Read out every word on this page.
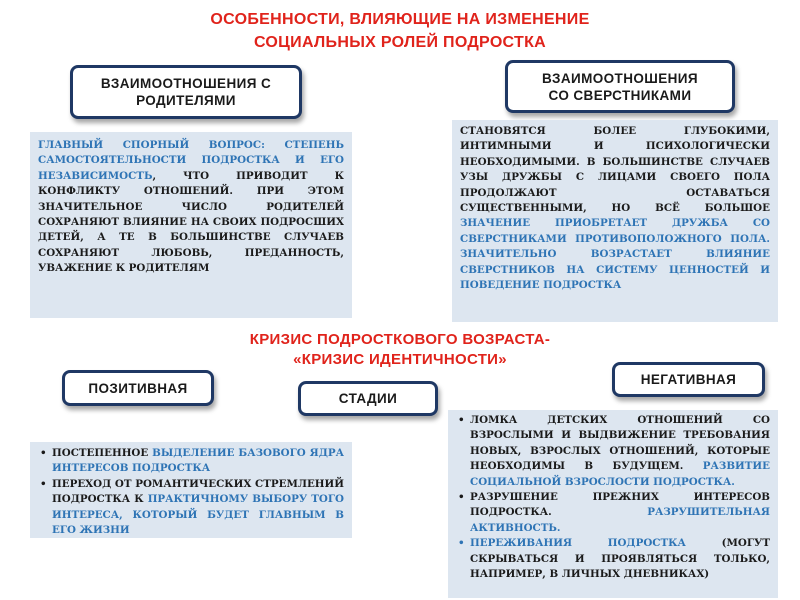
ОСОБЕННОСТИ, ВЛИЯЮЩИЕ НА ИЗМЕНЕНИЕ
СОЦИАЛЬНЫХ РОЛЕЙ ПОДРОСТКА
ВЗАИМООТНОШЕНИЯ С
РОДИТЕЛЯМИ
ВЗАИМООТНОШЕНИЯ
СО СВЕРСТНИКАМИ
ГЛАВНЫЙ СПОРНЫЙ ВОПРОС: СТЕПЕНЬ САМОСТОЯТЕЛЬНОСТИ ПОДРОСТКА И ЕГО НЕЗАВИСИМОСТЬ, ЧТО ПРИВОДИТ К КОНФЛИКТУ ОТНОШЕНИЙ. ПРИ ЭТОМ ЗНАЧИТЕЛЬНОЕ ЧИСЛО РОДИТЕЛЕЙ СОХРАНЯЮТ ВЛИЯНИЕ НА СВОИХ ПОДРОСШИХ ДЕТЕЙ, А ТЕ В БОЛЬШИНСТВЕ СЛУЧАЕВ СОХРАНЯЮТ ЛЮБОВЬ, ПРЕДАННОСТЬ, УВАЖЕНИЕ К РОДИТЕЛЯМ
СТАНОВЯТСЯ БОЛЕЕ ГЛУБОКИМИ, ИНТИМНЫМИ И ПСИХОЛОГИЧЕСКИ НЕОБХОДИМЫМИ. В БОЛЬШИНСТВЕ СЛУЧАЕВ УЗЫ ДРУЖБЫ С ЛИЦАМИ СВОЕГО ПОЛА ПРОДОЛЖАЮТ ОСТАВАТЬСЯ СУЩЕСТВЕННЫМИ, НО ВСЁ БОЛЬШОЕ ЗНАЧЕНИЕ ПРИОБРЕТАЕТ ДРУЖБА СО СВЕРСТНИКАМИ ПРОТИВОПОЛОЖНОГО ПОЛА. ЗНАЧИТЕЛЬНО ВОЗРАСТАЕТ ВЛИЯНИЕ СВЕРСТНИКОВ НА СИСТЕМУ ЦЕННОСТЕЙ И ПОВЕДЕНИЕ ПОДРОСТКА
КРИЗИС ПОДРОСТКОВОГО ВОЗРАСТА-
«КРИЗИС ИДЕНТИЧНОСТИ»
ПОЗИТИВНАЯ
СТАДИИ
НЕГАТИВНАЯ
• ПОСТЕПЕННОЕ ВЫДЕЛЕНИЕ БАЗОВОГО ЯДРА ИНТЕРЕСОВ ПОДРОСТКА
• ПЕРЕХОД ОТ РОМАНТИЧЕСКИХ СТРЕМЛЕНИЙ ПОДРОСТКА К ПРАКТИЧНОМУ ВЫБОРУ ТОГО ИНТЕРЕСА, КОТОРЫЙ БУДЕТ ГЛАВНЫМ В ЕГО ЖИЗНИ
• ЛОМКА ДЕТСКИХ ОТНОШЕНИЙ СО ВЗРОСЛЫМИ И ВЫДВИЖЕНИЕ ТРЕБОВАНИЯ НОВЫХ, ВЗРОСЛЫХ ОТНОШЕНИЙ, КОТОРЫЕ НЕОБХОДИМЫ В БУДУЩЕМ. РАЗВИТИЕ СОЦИАЛЬНОЙ ВЗРОСЛОСТИ ПОДРОСТКА.
• РАЗРУШЕНИЕ ПРЕЖНИХ ИНТЕРЕСОВ ПОДРОСТКА. РАЗРУШИТЕЛЬНАЯ АКТИВНОСТЬ.
• ПЕРЕЖИВАНИЯ ПОДРОСТКА (МОГУТ СКРЫВАТЬСЯ И ПРОЯВЛЯТЬСЯ ТОЛЬКО, НАПРИМЕР, В ЛИЧНЫХ ДНЕВНИКАХ)
